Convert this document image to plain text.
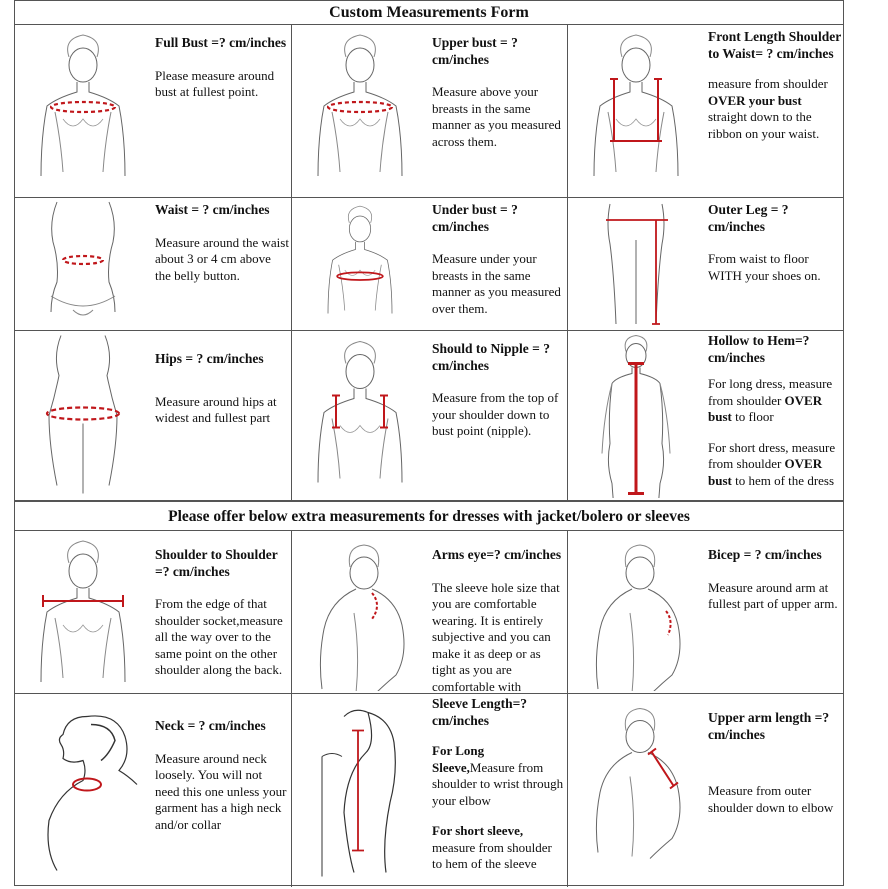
Custom Measurements Form
Full Bust =? cm/inches

Please measure around bust at fullest point.

Upper bust = ? cm/inches

Measure above your breasts in the same manner as you measured across them.

Front Length Shoulder to Waist= ? cm/inches

measure from shoulder OVER your bust straight down to the ribbon on your waist.

Waist = ? cm/inches

Measure around the waist about 3 or 4 cm above the belly button.

Under bust = ? cm/inches

Measure under your breasts in the same manner as you measured over them.

Outer Leg = ? cm/inches

From waist to floor WITH your shoes on.

Hips = ? cm/inches

Measure around hips at widest and fullest part

Should to Nipple = ? cm/inches

Measure from the top of your shoulder down to bust point (nipple).

Hollow to Hem=?cm/inches

For long dress, measure from shoulder OVER bust to floor

For short dress, measure from shoulder OVER bust to hem of the dress

Please offer below extra measurements for dresses with jacket/bolero or sleeves
Shoulder to Shoulder =? cm/inches

From the edge of that shoulder socket,measure all the way over to the same point on the other shoulder along the back.

Arms eye=? cm/inches

The sleeve hole size that you are comfortable wearing. It is entirely subjective and you can make it as deep or as tight as you are comfortable with

Bicep = ? cm/inches

Measure around arm at fullest part of upper arm.

Neck = ? cm/inches

Measure around neck loosely. You will not need this one unless your garment has a high neck and/or collar

Sleeve Length=? cm/inches

For Long Sleeve,Measure from shoulder to wrist through your elbow

For short sleeve, measure from shoulder to hem of the sleeve

Upper arm length =? cm/inches

Measure from outer shoulder down to elbow
